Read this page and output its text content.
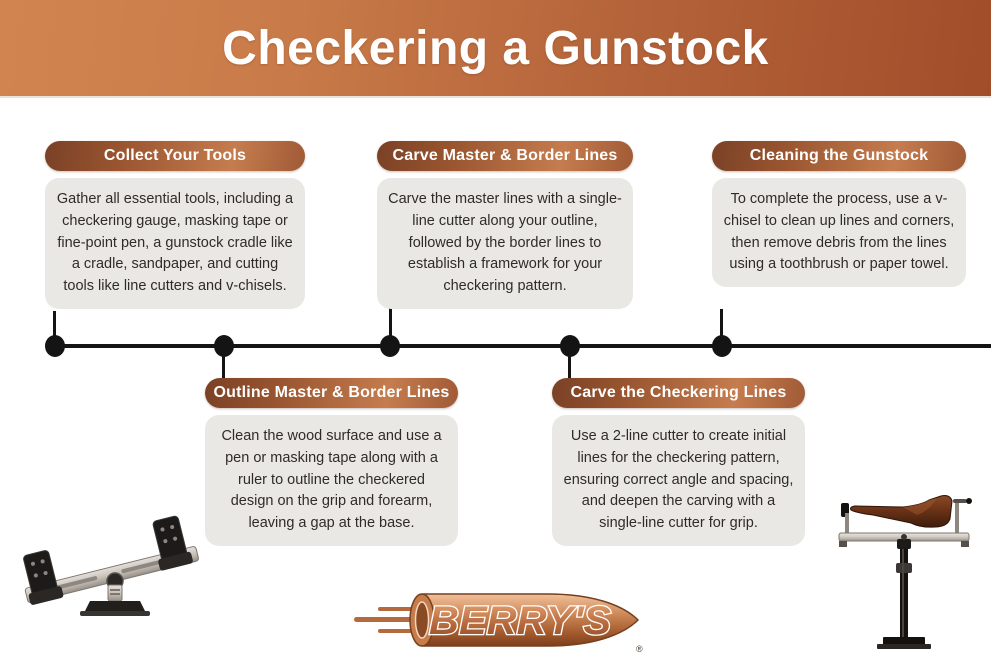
Checkering a Gunstock
Collect Your Tools
Gather all essential tools, including a checkering gauge, masking tape or fine-point pen, a gunstock cradle like a cradle, sandpaper, and cutting tools like line cutters and v-chisels.
Outline Master & Border Lines
Clean the wood surface and use a pen or masking tape along with a ruler to outline the checkered design on the grip and forearm, leaving a gap at the base.
Carve Master & Border Lines
Carve the master lines with a single-line cutter along your outline, followed by the border lines to establish a framework for your checkering pattern.
Carve the Checkering Lines
Use a 2-line cutter to create initial lines for the checkering pattern, ensuring correct angle and spacing, and deepen the carving with a single-line cutter for grip.
Cleaning the Gunstock
To complete the process, use a v-chisel to clean up lines and corners, then remove debris from the lines using a toothbrush or paper towel.
BERRY'S
®
